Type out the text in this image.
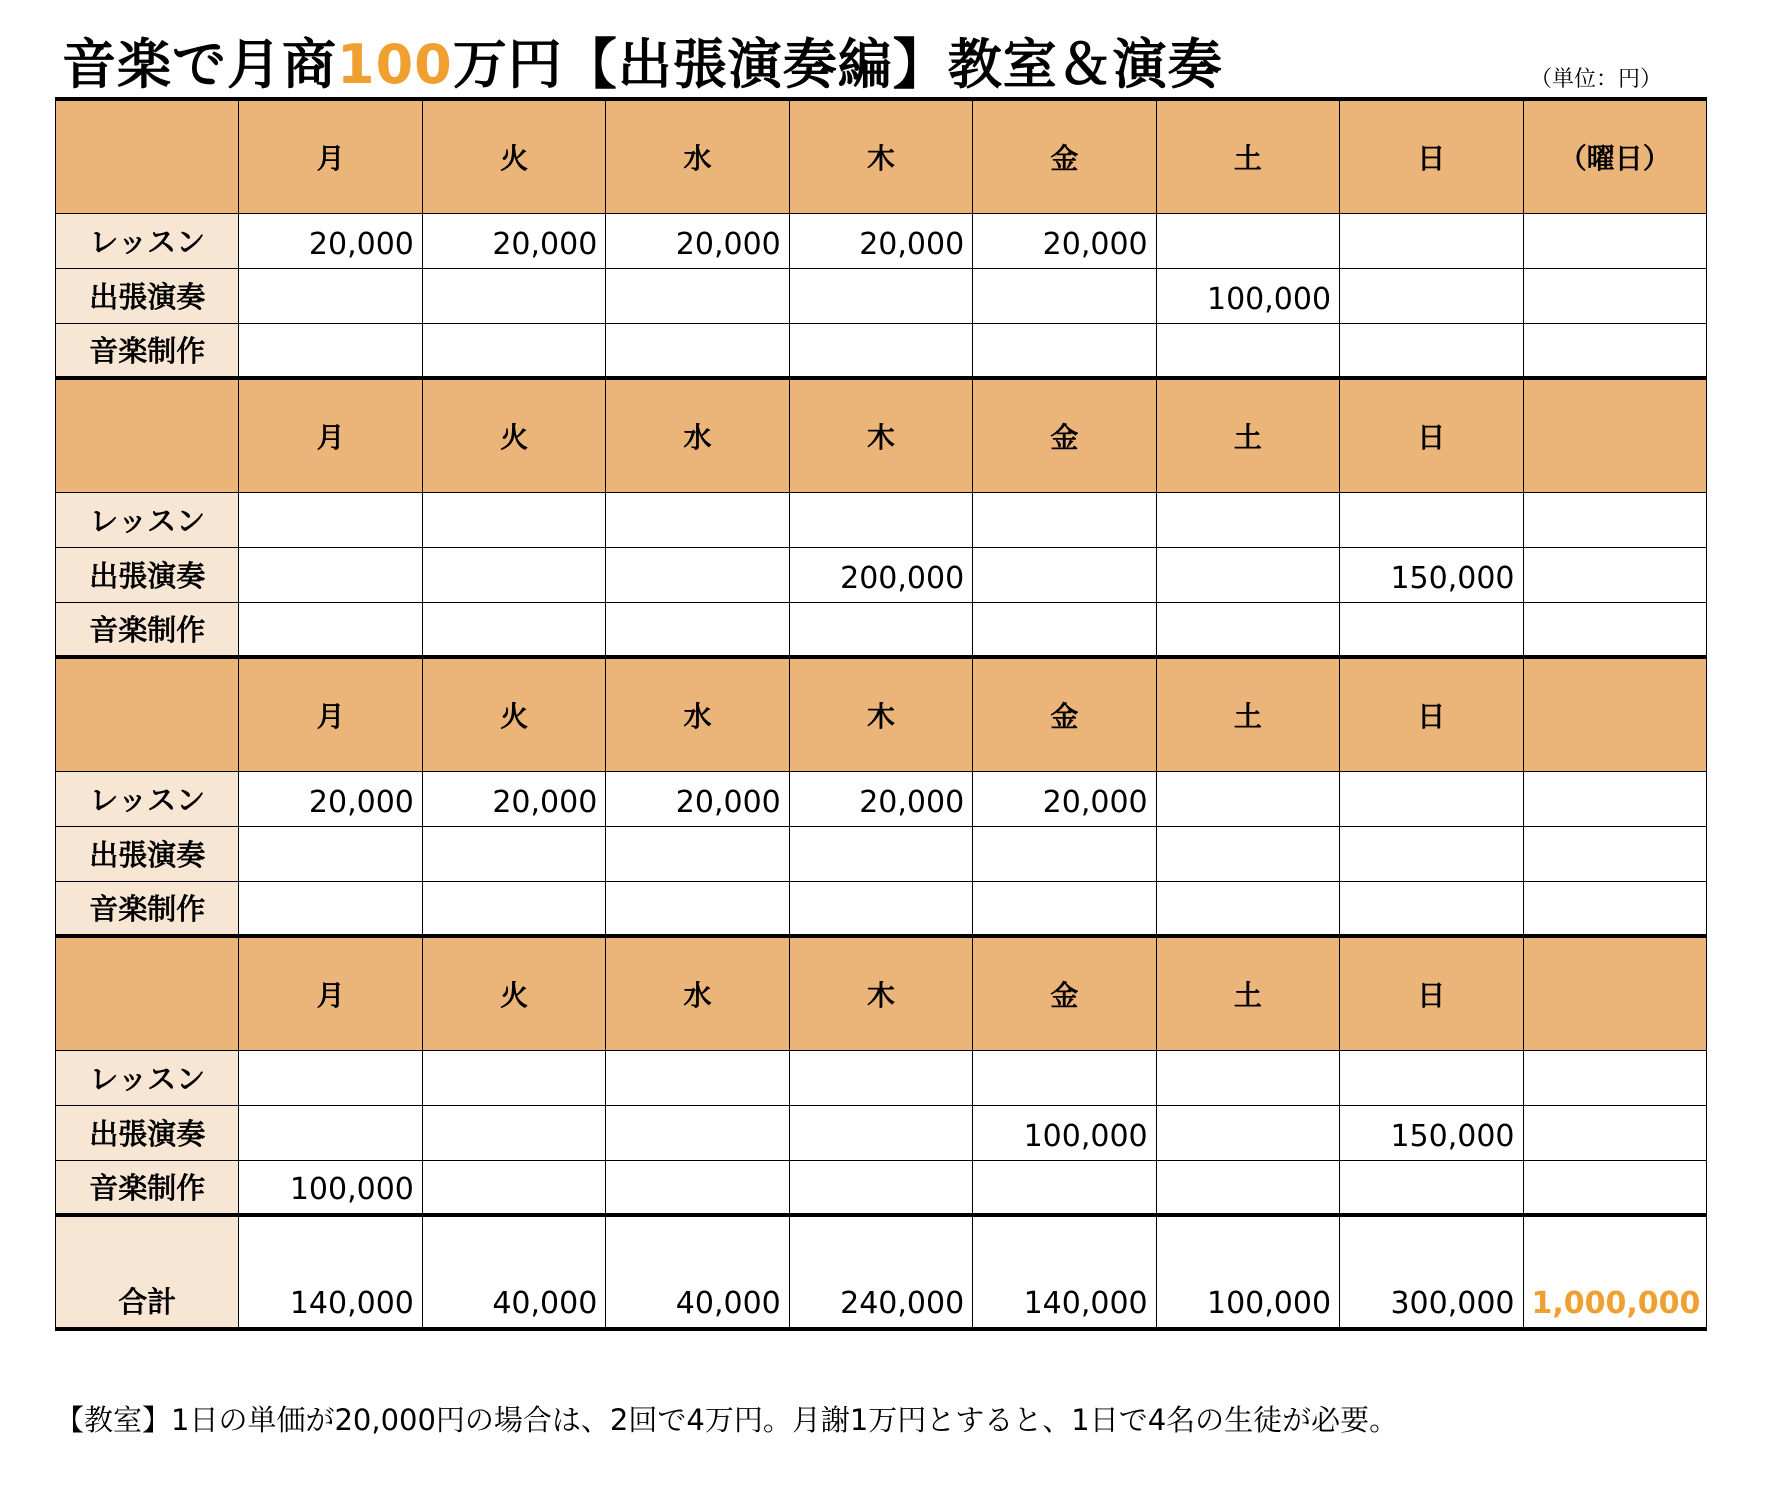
音楽で月商100万円【出張演奏編】教室＆演奏	（単位：円）
	月	火	水	木	金	土	日	（曜日）
レッスン	20,000	20,000	20,000	20,000	20,000			
出張演奏						100,000		
音楽制作								
	月	火	水	木	金	土	日	
レッスン								
出張演奏				200,000			150,000	
音楽制作								
	月	火	水	木	金	土	日	
レッスン	20,000	20,000	20,000	20,000	20,000			
出張演奏								
音楽制作								
	月	火	水	木	金	土	日	
レッスン								
出張演奏					100,000		150,000	
音楽制作	100,000							
合計	140,000	40,000	40,000	240,000	140,000	100,000	300,000	1,000,000
【教室】1日の単価が20,000円の場合は、2回で4万円。月謝1万円とすると、1日で4名の生徒が必要。
